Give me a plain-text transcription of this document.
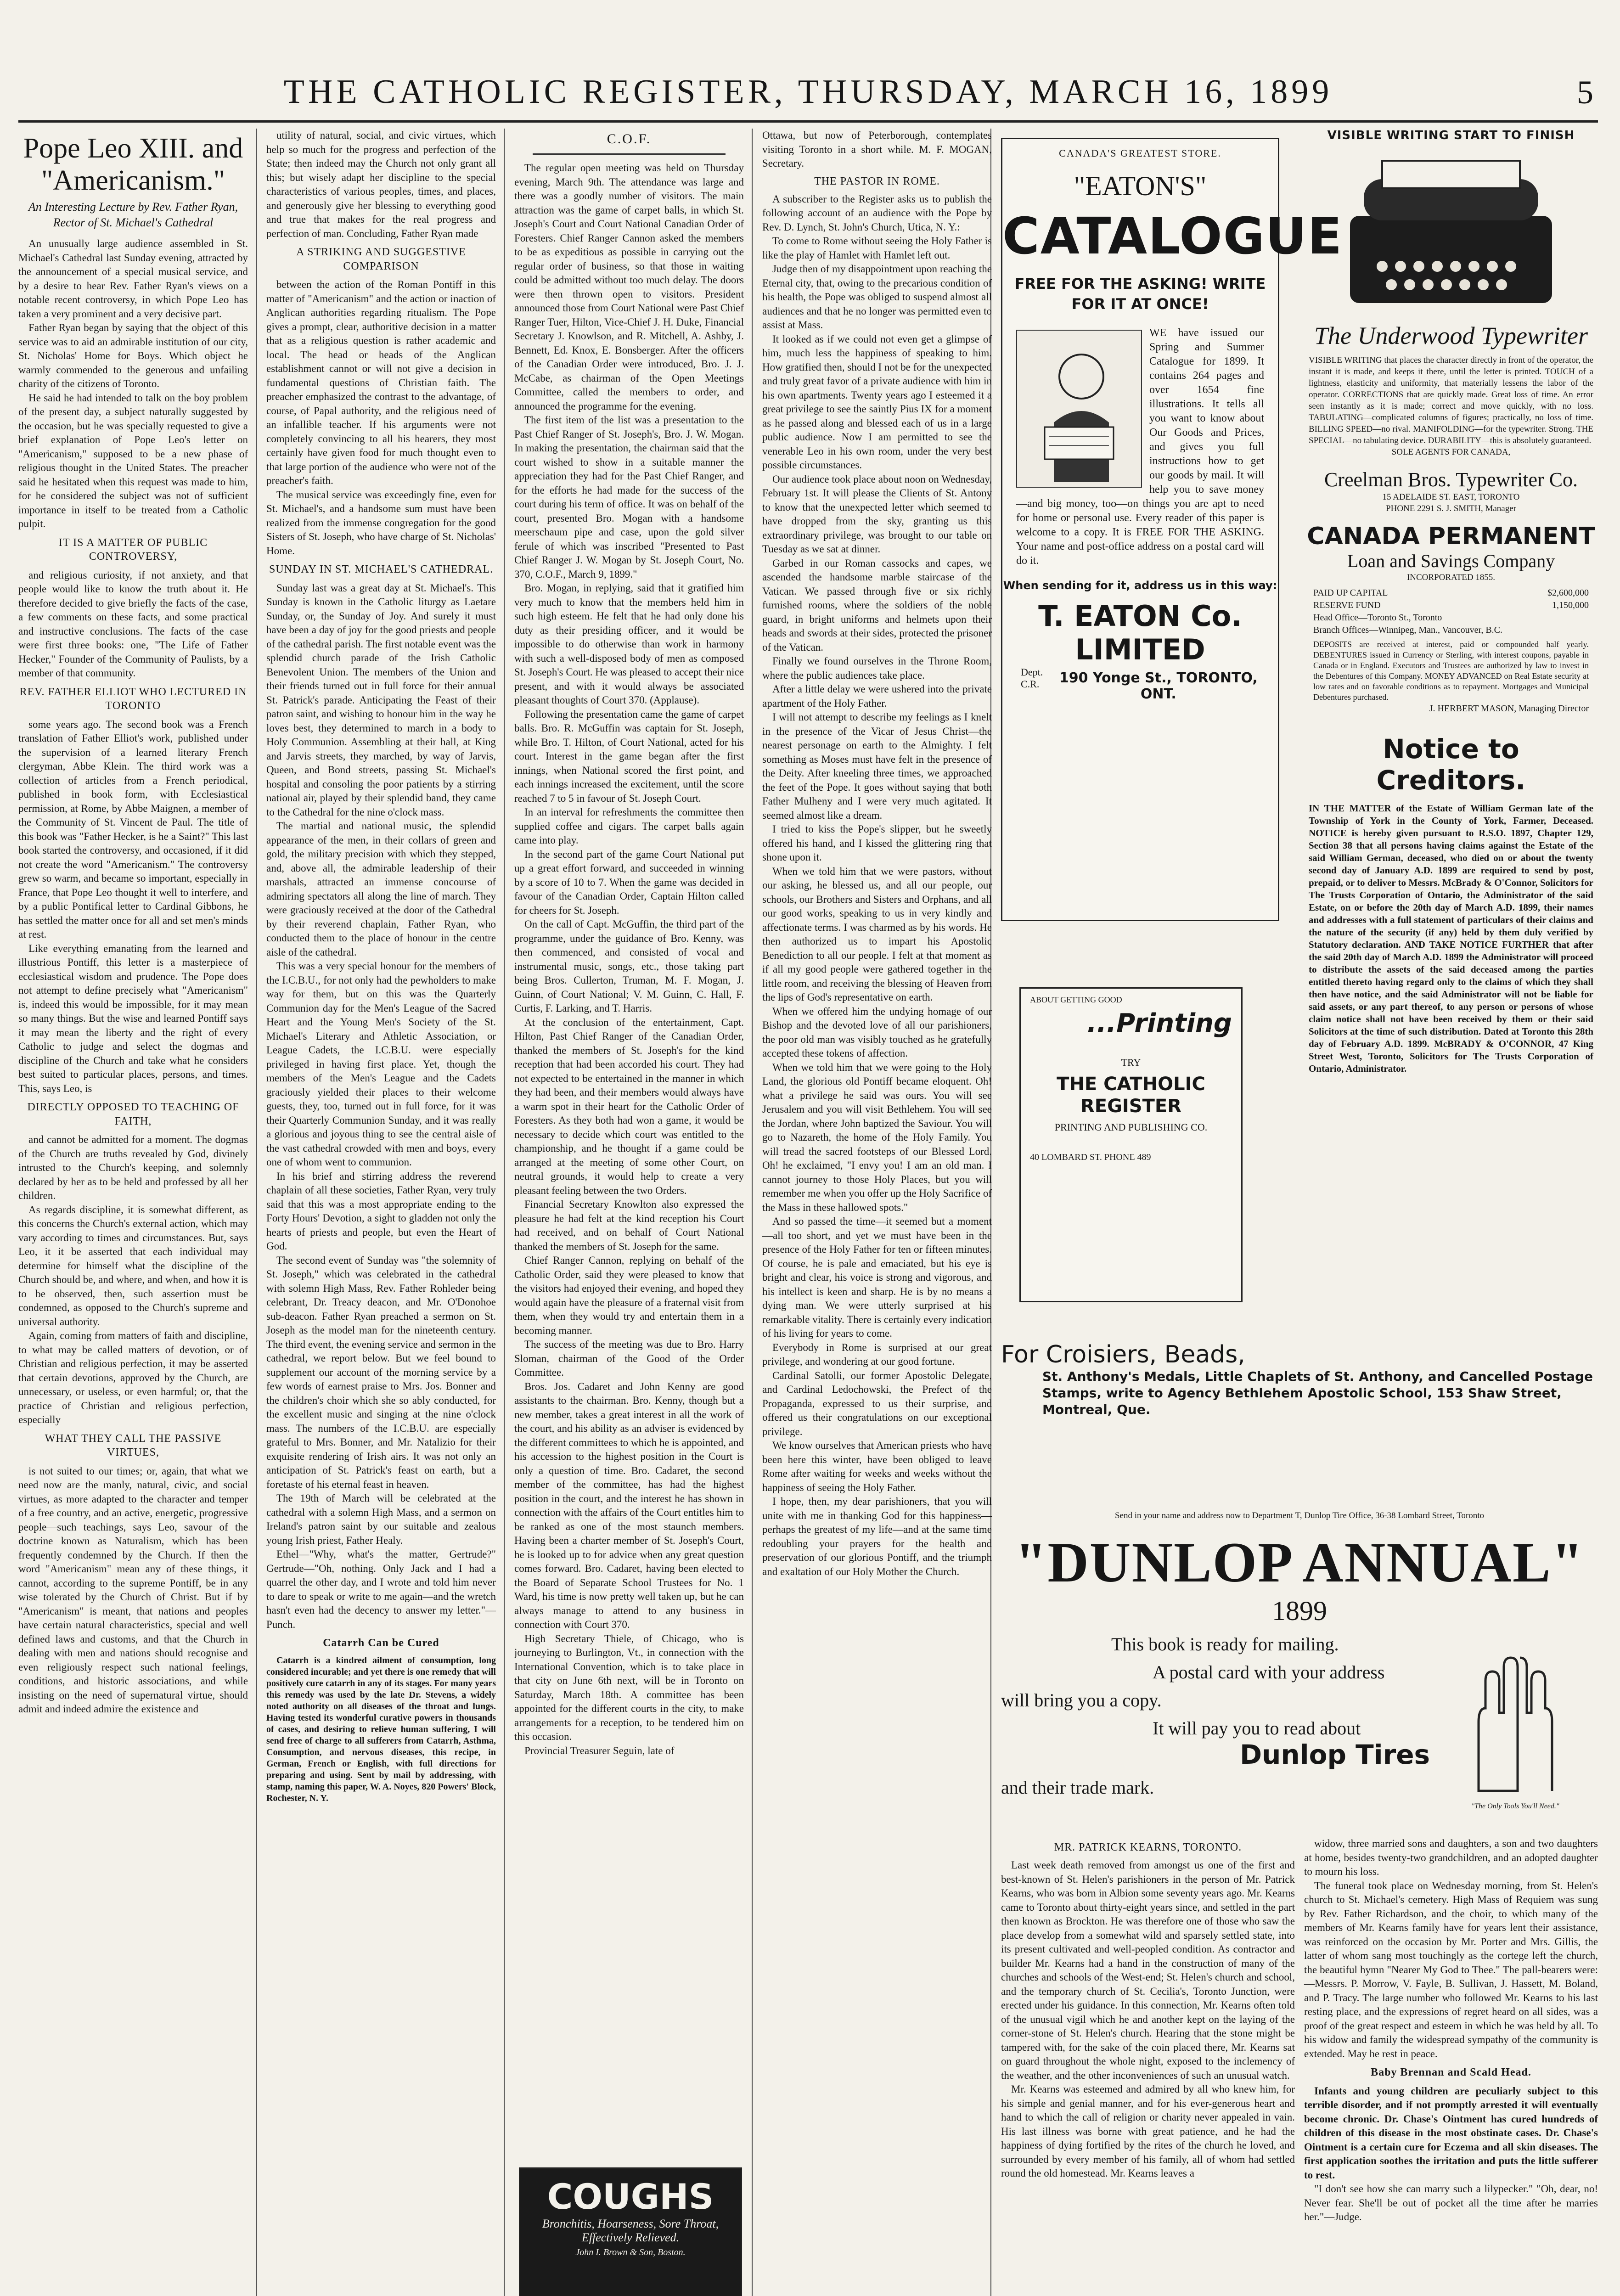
THE CATHOLIC REGISTER, THURSDAY, MARCH 16, 1899	5
Pope Leo XIII. and "Americanism."
An Interesting Lecture by Rev. Father Ryan, Rector of St. Michael's Cathedral

An unusually large audience assembled in St. Michael's Cathedral last Sunday evening, attracted by the announcement of a special musical service, and by a desire to hear Rev. Father Ryan's views on a notable recent controversy, in which Pope Leo has taken a very prominent and a very decisive part.

Father Ryan began by saying that the object of this service was to aid an admirable institution of our city, St. Nicholas' Home for Boys. Which object he warmly commended to the generous and unfailing charity of the citizens of Toronto.

He said he had intended to talk on the boy problem of the present day, a subject naturally suggested by the occasion, but he was specially requested to give a brief explanation of Pope Leo's letter on "Americanism," supposed to be a new phase of religious thought in the United States. The preacher said he hesitated when this request was made to him, for he considered the subject was not of sufficient importance in itself to be treated from a Catholic pulpit.

IT IS A MATTER OF PUBLIC CONTROVERSY,

and religious curiosity, if not anxiety, and that people would like to know the truth about it. He therefore decided to give briefly the facts of the case, a few comments on these facts, and some practical and instructive conclusions. The facts of the case were first three books: one, "The Life of Father Hecker," Founder of the Community of Paulists, by a member of that community.

REV. FATHER ELLIOT WHO LECTURED IN TORONTO

some years ago. The second book was a French translation of Father Elliot's work, published under the supervision of a learned literary French clergyman, Abbe Klein. The third work was a collection of articles from a French periodical, published in book form, with Ecclesiastical permission, at Rome, by Abbe Maignen, a member of the Community of St. Vincent de Paul. The title of this book was "Father Hecker, is he a Saint?" This last book started the controversy, and occasioned, if it did not create the word "Americanism." The controversy grew so warm, and became so important, especially in France, that Pope Leo thought it well to interfere, and by a public Pontifical letter to Cardinal Gibbons, he has settled the matter once for all and set men's minds at rest.

Like everything emanating from the learned and illustrious Pontiff, this letter is a masterpiece of ecclesiastical wisdom and prudence. The Pope does not attempt to define precisely what "Americanism" is, indeed this would be impossible, for it may mean so many things. But the wise and learned Pontiff says it may mean the liberty and the right of every Catholic to judge and select the dogmas and discipline of the Church and take what he considers best suited to particular places, persons, and times. This, says Leo, is

DIRECTLY OPPOSED TO TEACHING OF FAITH,

and cannot be admitted for a moment. The dogmas of the Church are truths revealed by God, divinely intrusted to the Church's keeping, and solemnly declared by her as to be held and professed by all her children.

As regards discipline, it is somewhat different, as this concerns the Church's external action, which may vary according to times and circumstances. But, says Leo, it it be asserted that each individual may determine for himself what the discipline of the Church should be, and where, and when, and how it is to be observed, then, such assertion must be condemned, as opposed to the Church's supreme and universal authority.

Again, coming from matters of faith and discipline, to what may be called matters of devotion, or of Christian and religious perfection, it may be asserted that certain devotions, approved by the Church, are unnecessary, or useless, or even harmful; or, that the practice of Christian and religious perfection, especially

WHAT THEY CALL THE PASSIVE VIRTUES,

is not suited to our times; or, again, that what we need now are the manly, natural, civic, and social virtues, as more adapted to the character and temper of a free country, and an active, energetic, progressive people—such teachings, says Leo, savour of the doctrine known as Naturalism, which has been frequently condemned by the Church. If then the word "Americanism" mean any of these things, it cannot, according to the supreme Pontiff, be in any wise tolerated by the Church of Christ. But if by "Americanism" is meant, that nations and peoples have certain natural characteristics, special and well defined laws and customs, and that the Church in dealing with men and nations should recognise and even religiously respect such national feelings, conditions, and historic associations, and while insisting on the need of supernatural virtue, should admit and indeed admire the existence and

utility of natural, social, and civic virtues, which help so much for the progress and perfection of the State; then indeed may the Church not only grant all this; but wisely adapt her discipline to the special characteristics of various peoples, times, and places, and generously give her blessing to everything good and true that makes for the real progress and perfection of man. Concluding, Father Ryan made

A STRIKING AND SUGGESTIVE COMPARISON

between the action of the Roman Pontiff in this matter of "Americanism" and the action or inaction of Anglican authorities regarding ritualism. The Pope gives a prompt, clear, authoritive decision in a matter that as a religious question is rather academic and local. The head or heads of the Anglican establishment cannot or will not give a decision in fundamental questions of Christian faith. The preacher emphasized the contrast to the advantage, of course, of Papal authority, and the religious need of an infallible teacher. If his arguments were not completely convincing to all his hearers, they most certainly have given food for much thought even to that large portion of the audience who were not of the preacher's faith.

The musical service was exceedingly fine, even for St. Michael's, and a handsome sum must have been realized from the immense congregation for the good Sisters of St. Joseph, who have charge of St. Nicholas' Home.

SUNDAY IN ST. MICHAEL'S CATHEDRAL.

Sunday last was a great day at St. Michael's. This Sunday is known in the Catholic liturgy as Laetare Sunday, or, the Sunday of Joy. And surely it must have been a day of joy for the good priests and people of the cathedral parish. The first notable event was the splendid church parade of the Irish Catholic Benevolent Union. The members of the Union and their friends turned out in full force for their annual St. Patrick's parade. Anticipating the Feast of their patron saint, and wishing to honour him in the way he loves best, they determined to march in a body to Holy Communion. Assembling at their hall, at King and Jarvis streets, they marched, by way of Jarvis, Queen, and Bond streets, passing St. Michael's hospital and consoling the poor patients by a stirring national air, played by their splendid band, they came to the Cathedral for the nine o'clock mass.

The martial and national music, the splendid appearance of the men, in their collars of green and gold, the military precision with which they stepped, and, above all, the admirable leadership of their marshals, attracted an immense concourse of admiring spectators all along the line of march. They were graciously received at the door of the Cathedral by their reverend chaplain, Father Ryan, who conducted them to the place of honour in the centre aisle of the cathedral.

This was a very special honour for the members of the I.C.B.U., for not only had the pewholders to make way for them, but on this was the Quarterly Communion day for the Men's League of the Sacred Heart and the Young Men's Society of the St. Michael's Literary and Athletic Association, or League Cadets, the I.C.B.U. were especially privileged in having first place. Yet, though the members of the Men's League and the Cadets graciously yielded their places to their welcome guests, they, too, turned out in full force, for it was their Quarterly Communion Sunday, and it was really a glorious and joyous thing to see the central aisle of the vast cathedral crowded with men and boys, every one of whom went to communion.

In his brief and stirring address the reverend chaplain of all these societies, Father Ryan, very truly said that this was a most appropriate ending to the Forty Hours' Devotion, a sight to gladden not only the hearts of priests and people, but even the Heart of God.

The second event of Sunday was "the solemnity of St. Joseph," which was celebrated in the cathedral with solemn High Mass, Rev. Father Rohleder being celebrant, Dr. Treacy deacon, and Mr. O'Donohoe sub-deacon. Father Ryan preached a sermon on St. Joseph as the model man for the nineteenth century. The third event, the evening service and sermon in the cathedral, we report below. But we feel bound to supplement our account of the morning service by a few words of earnest praise to Mrs. Jos. Bonner and the children's choir which she so ably conducted, for the excellent music and singing at the nine o'clock mass. The numbers of the I.C.B.U. are especially grateful to Mrs. Bonner, and Mr. Natalizio for their exquisite rendering of Irish airs. It was not only an anticipation of St. Patrick's feast on earth, but a foretaste of his eternal feast in heaven.

The 19th of March will be celebrated at the cathedral with a solemn High Mass, and a sermon on Ireland's patron saint by our suitable and zealous young Irish priest, Father Healy.

Ethel—"Why, what's the matter, Gertrude?" Gertrude—"Oh, nothing. Only Jack and I had a quarrel the other day, and I wrote and told him never to dare to speak or write to me again—and the wretch hasn't even had the decency to answer my letter."—Punch.

Catarrh Can be Cured

Catarrh is a kindred ailment of consumption, long considered incurable; and yet there is one remedy that will positively cure catarrh in any of its stages. For many years this remedy was used by the late Dr. Stevens, a widely noted authority on all diseases of the throat and lungs. Having tested its wonderful curative powers in thousands of cases, and desiring to relieve human suffering, I will send free of charge to all sufferers from Catarrh, Asthma, Consumption, and nervous diseases, this recipe, in German, French or English, with full directions for preparing and using. Sent by mail by addressing, with stamp, naming this paper, W. A. Noyes, 820 Powers' Block, Rochester, N. Y.

C.O.F.

The regular open meeting was held on Thursday evening, March 9th. The attendance was large and there was a goodly number of visitors. The main attraction was the game of carpet balls, in which St. Joseph's Court and Court National Canadian Order of Foresters. Chief Ranger Cannon asked the members to be as expeditious as possible in carrying out the regular order of business, so that those in waiting could be admitted without too much delay. The doors were then thrown open to visitors. President announced those from Court National were Past Chief Ranger Tuer, Hilton, Vice-Chief J. H. Duke, Financial Secretary J. Knowlson, and R. Mitchell, A. Ashby, J. Bennett, Ed. Knox, E. Bonsberger. After the officers of the Canadian Order were introduced, Bro. J. J. McCabe, as chairman of the Open Meetings Committee, called the members to order, and announced the programme for the evening.

The first item of the list was a presentation to the Past Chief Ranger of St. Joseph's, Bro. J. W. Mogan. In making the presentation, the chairman said that the court wished to show in a suitable manner the appreciation they had for the Past Chief Ranger, and for the efforts he had made for the success of the court during his term of office. It was on behalf of the court, presented Bro. Mogan with a handsome meerschaum pipe and case, upon the gold silver ferule of which was inscribed "Presented to Past Chief Ranger J. W. Mogan by St. Joseph Court, No. 370, C.O.F., March 9, 1899."

Bro. Mogan, in replying, said that it gratified him very much to know that the members held him in such high esteem. He felt that he had only done his duty as their presiding officer, and it would be impossible to do otherwise than work in harmony with such a well-disposed body of men as composed St. Joseph's Court. He was pleased to accept their nice present, and with it would always be associated pleasant thoughts of Court 370. (Applause).

Following the presentation came the game of carpet balls. Bro. R. McGuffin was captain for St. Joseph, while Bro. T. Hilton, of Court National, acted for his court. Interest in the game began after the first innings, when National scored the first point, and each innings increased the excitement, until the score reached 7 to 5 in favour of St. Joseph Court.

In an interval for refreshments the committee then supplied coffee and cigars. The carpet balls again came into play.

In the second part of the game Court National put up a great effort forward, and succeeded in winning by a score of 10 to 7. When the game was decided in favour of the Canadian Order, Captain Hilton called for cheers for St. Joseph.

On the call of Capt. McGuffin, the third part of the programme, under the guidance of Bro. Kenny, was then commenced, and consisted of vocal and instrumental music, songs, etc., those taking part being Bros. Cullerton, Truman, M. F. Mogan, J. Guinn, of Court National; V. M. Guinn, C. Hall, F. Curtis, F. Larking, and T. Harris.

At the conclusion of the entertainment, Capt. Hilton, Past Chief Ranger of the Canadian Order, thanked the members of St. Joseph's for the kind reception that had been accorded his court. They had not expected to be entertained in the manner in which they had been, and their members would always have a warm spot in their heart for the Catholic Order of Foresters. As they both had won a game, it would be necessary to decide which court was entitled to the championship, and he thought if a game could be arranged at the meeting of some other Court, on neutral grounds, it would help to create a very pleasant feeling between the two Orders.

Financial Secretary Knowlton also expressed the pleasure he had felt at the kind reception his Court had received, and on behalf of Court National thanked the members of St. Joseph for the same.

Chief Ranger Cannon, replying on behalf of the Catholic Order, said they were pleased to know that the visitors had enjoyed their evening, and hoped they would again have the pleasure of a fraternal visit from them, when they would try and entertain them in a becoming manner.

The success of the meeting was due to Bro. Harry Sloman, chairman of the Good of the Order Committee.

Bros. Jos. Cadaret and John Kenny are good assistants to the chairman. Bro. Kenny, though but a new member, takes a great interest in all the work of the court, and his ability as an adviser is evidenced by the different committees to which he is appointed, and his accession to the highest position in the Court is only a question of time. Bro. Cadaret, the second member of the committee, has had the highest position in the court, and the interest he has shown in connection with the affairs of the Court entitles him to be ranked as one of the most staunch members. Having been a charter member of St. Joseph's Court, he is looked up to for advice when any great question comes forward. Bro. Cadaret, having been elected to the Board of Separate School Trustees for No. 1 Ward, his time is now pretty well taken up, but he can always manage to attend to any business in connection with Court 370.

High Secretary Thiele, of Chicago, who is journeying to Burlington, Vt., in connection with the International Convention, which is to take place in that city on June 6th next, will be in Toronto on Saturday, March 18th. A committee has been appointed for the different courts in the city, to make arrangements for a reception, to be tendered him on this occasion.

Provincial Treasurer Seguin, late of

COUGHS
Bronchitis, Hoarseness, Sore Throat, Effectively Relieved.
John I. Brown & Son, Boston.
CANADA'S GREATEST STORE.
"EATON'S"
CATALOGUE
FREE FOR THE ASKING! WRITE FOR IT AT ONCE!
WE have issued our Spring and Summer Catalogue for 1899. It contains 264 pages and over 1654 fine illustrations. It tells all you want to know about Our Goods and Prices, and gives you full instructions how to get our goods by mail. It will help you to save money—and big money, too—on things you are apt to need for home or personal use. Every reader of this paper is welcome to a copy. It is FREE FOR THE ASKING. Your name and post-office address on a postal card will do it.
When sending for it, address us in this way:
T. EATON Co. LIMITED
Dept. C.R.	190 Yonge St., TORONTO, ONT.
ABOUT GETTING GOOD
...Printing
TRY
THE CATHOLIC REGISTER
PRINTING AND PUBLISHING CO.
40 LOMBARD ST. PHONE 489
For Croisiers, Beads,
St. Anthony's Medals, Little Chaplets of St. Anthony, and Cancelled Postage Stamps, write to Agency Bethlehem Apostolic School, 153 Shaw Street, Montreal, Que.
VISIBLE WRITING START TO FINISH
The Underwood Typewriter
VISIBLE WRITING that places the character directly in front of the operator, the instant it is made, and keeps it there, until the letter is printed. TOUCH of a lightness, elasticity and uniformity, that materially lessens the labor of the operator. CORRECTIONS that are quickly made. Great loss of time. An error seen instantly as it is made; correct and move quickly, with no loss. TABULATING—complicated columns of figures; practically, no loss of time. BILLING SPEED—no rival. MANIFOLDING—for the typewriter. Strong. THE SPECIAL—no tabulating device. DURABILITY—this is absolutely guaranteed.
SOLE AGENTS FOR CANADA,
Creelman Bros. Typewriter Co.
15 ADELAIDE ST. EAST, TORONTO
PHONE 2291 S. J. SMITH, Manager
CANADA PERMANENT
Loan and Savings Company
INCORPORATED 1855.
PAID UP CAPITAL	$2,600,000
RESERVE FUND	1,150,000
Head Office—Toronto St., Toronto
Branch Offices—Winnipeg, Man., Vancouver, B.C.
DEPOSITS are received at interest, paid or compounded half yearly. DEBENTURES issued in Currency or Sterling, with interest coupons, payable in Canada or in England. Executors and Trustees are authorized by law to invest in the Debentures of this Company. MONEY ADVANCED on Real Estate security at low rates and on favorable conditions as to repayment. Mortgages and Municipal Debentures purchased.
J. HERBERT MASON, Managing Director
Notice to Creditors.
IN THE MATTER of the Estate of William German late of the Township of York in the County of York, Farmer, Deceased. NOTICE is hereby given pursuant to R.S.O. 1897, Chapter 129, Section 38 that all persons having claims against the Estate of the said William German, deceased, who died on or about the twenty second day of January A.D. 1899 are required to send by post, prepaid, or to deliver to Messrs. McBrady & O'Connor, Solicitors for The Trusts Corporation of Ontario, the Administrator of the said Estate, on or before the 20th day of March A.D. 1899, their names and addresses with a full statement of particulars of their claims and the nature of the security (if any) held by them duly verified by Statutory declaration. AND TAKE NOTICE FURTHER that after the said 20th day of March A.D. 1899 the Administrator will proceed to distribute the assets of the said deceased among the parties entitled thereto having regard only to the claims of which they shall then have notice, and the said Administrator will not be liable for said assets, or any part thereof, to any person or persons of whose claim notice shall not have been received by them or their said Solicitors at the time of such distribution. Dated at Toronto this 28th day of February A.D. 1899. McBRADY & O'CONNOR, 47 King Street West, Toronto, Solicitors for The Trusts Corporation of Ontario, Administrator.
Send in your name and address now to Department T, Dunlop Tire Office, 36-38 Lombard Street, Toronto
"DUNLOP ANNUAL"
1899
This book is ready for mailing.
A postal card with your address
will bring you a copy.
It will pay you to read about
Dunlop Tires
and their trade mark.
"The Only Tools You'll Need."
MR. PATRICK KEARNS, TORONTO.

Last week death removed from amongst us one of the first and best-known of St. Helen's parishioners in the person of Mr. Patrick Kearns, who was born in Albion some seventy years ago. Mr. Kearns came to Toronto about thirty-eight years since, and settled in the part then known as Brockton. He was therefore one of those who saw the place develop from a somewhat wild and sparsely settled state, into its present cultivated and well-peopled condition. As contractor and builder Mr. Kearns had a hand in the construction of many of the churches and schools of the West-end; St. Helen's church and school, and the temporary church of St. Cecilia's, Toronto Junction, were erected under his guidance. In this connection, Mr. Kearns often told of the unusual vigil which he and another kept on the laying of the corner-stone of St. Helen's church. Hearing that the stone might be tampered with, for the sake of the coin placed there, Mr. Kearns sat on guard throughout the whole night, exposed to the inclemency of the weather, and the other inconveniences of such an unusual watch.

Mr. Kearns was esteemed and admired by all who knew him, for his simple and genial manner, and for his ever-generous heart and hand to which the call of religion or charity never appealed in vain. His last illness was borne with great patience, and he had the happiness of dying fortified by the rites of the church he loved, and surrounded by every member of his family, all of whom had settled round the old homestead. Mr. Kearns leaves a

widow, three married sons and daughters, a son and two daughters at home, besides twenty-two grandchildren, and an adopted daughter to mourn his loss.

The funeral took place on Wednesday morning, from St. Helen's church to St. Michael's cemetery. High Mass of Requiem was sung by Rev. Father Richardson, and the choir, to which many of the members of Mr. Kearns family have for years lent their assistance, was reinforced on the occasion by Mr. Porter and Mrs. Gillis, the latter of whom sang most touchingly as the cortege left the church, the beautiful hymn "Nearer My God to Thee." The pall-bearers were:—Messrs. P. Morrow, V. Fayle, B. Sullivan, J. Hassett, M. Boland, and P. Tracy. The large number who followed Mr. Kearns to his last resting place, and the expressions of regret heard on all sides, was a proof of the great respect and esteem in which he was held by all. To his widow and family the widespread sympathy of the community is extended. May he rest in peace.

Baby Brennan and Scald Head.

Infants and young children are peculiarly subject to this terrible disorder, and if not promptly arrested it will eventually become chronic. Dr. Chase's Ointment has cured hundreds of children of this disease in the most obstinate cases. Dr. Chase's Ointment is a certain cure for Eczema and all skin diseases. The first application soothes the irritation and puts the little sufferer to rest.

"I don't see how she can marry such a lilypecker." "Oh, dear, no! Never fear. She'll be out of pocket all the time after he marries her."—Judge.

Ottawa, but now of Peterborough, contemplates visiting Toronto in a short while. M. F. MOGAN, Secretary.

THE PASTOR IN ROME.

A subscriber to the Register asks us to publish the following account of an audience with the Pope by Rev. D. Lynch, St. John's Church, Utica, N. Y.:

To come to Rome without seeing the Holy Father is like the play of Hamlet with Hamlet left out.

Judge then of my disappointment upon reaching the Eternal city, that, owing to the precarious condition of his health, the Pope was obliged to suspend almost all audiences and that he no longer was permitted even to assist at Mass.

It looked as if we could not even get a glimpse of him, much less the happiness of speaking to him. How gratified then, should I not be for the unexpected and truly great favor of a private audience with him in his own apartments. Twenty years ago I esteemed it a great privilege to see the saintly Pius IX for a moment as he passed along and blessed each of us in a large public audience. Now I am permitted to see the venerable Leo in his own room, under the very best possible circumstances.

Our audience took place about noon on Wednesday, February 1st. It will please the Clients of St. Antony to know that the unexpected letter which seemed to have dropped from the sky, granting us this extraordinary privilege, was brought to our table on Tuesday as we sat at dinner.

Garbed in our Roman cassocks and capes, we ascended the handsome marble staircase of the Vatican. We passed through five or six richly furnished rooms, where the soldiers of the noble guard, in bright uniforms and helmets upon their heads and swords at their sides, protected the prisoner of the Vatican.

Finally we found ourselves in the Throne Room, where the public audiences take place.

After a little delay we were ushered into the private apartment of the Holy Father.

I will not attempt to describe my feelings as I knelt in the presence of the Vicar of Jesus Christ—the nearest personage on earth to the Almighty. I felt something as Moses must have felt in the presence of the Deity. After kneeling three times, we approached the feet of the Pope. It goes without saying that both Father Mulheny and I were very much agitated. It seemed almost like a dream.

I tried to kiss the Pope's slipper, but he sweetly offered his hand, and I kissed the glittering ring that shone upon it.

When we told him that we were pastors, without our asking, he blessed us, and all our people, our schools, our Brothers and Sisters and Orphans, and all our good works, speaking to us in very kindly and affectionate terms. I was charmed as by his words. He then authorized us to impart his Apostolic Benediction to all our people. I felt at that moment as if all my good people were gathered together in the little room, and receiving the blessing of Heaven from the lips of God's representative on earth.

When we offered him the undying homage of our Bishop and the devoted love of all our parishioners, the poor old man was visibly touched as he gratefully accepted these tokens of affection.

When we told him that we were going to the Holy Land, the glorious old Pontiff became eloquent. Oh! what a privilege he said was ours. You will see Jerusalem and you will visit Bethlehem. You will see the Jordan, where John baptized the Saviour. You will go to Nazareth, the home of the Holy Family. You will tread the sacred footsteps of our Blessed Lord. Oh! he exclaimed, "I envy you! I am an old man. I cannot journey to those Holy Places, but you will remember me when you offer up the Holy Sacrifice of the Mass in these hallowed spots."

And so passed the time—it seemed but a moment—all too short, and yet we must have been in the presence of the Holy Father for ten or fifteen minutes. Of course, he is pale and emaciated, but his eye is bright and clear, his voice is strong and vigorous, and his intellect is keen and sharp. He is by no means a dying man. We were utterly surprised at his remarkable vitality. There is certainly every indication of his living for years to come.

Everybody in Rome is surprised at our great privilege, and wondering at our good fortune.

Cardinal Satolli, our former Apostolic Delegate, and Cardinal Ledochowski, the Prefect of the Propaganda, expressed to us their surprise, and offered us their congratulations on our exceptional privilege.

We know ourselves that American priests who have been here this winter, have been obliged to leave Rome after waiting for weeks and weeks without the happiness of seeing the Holy Father.

I hope, then, my dear parishioners, that you will unite with me in thanking God for this happiness—perhaps the greatest of my life—and at the same time redoubling your prayers for the health and preservation of our glorious Pontiff, and the triumph and exaltation of our Holy Mother the Church.
